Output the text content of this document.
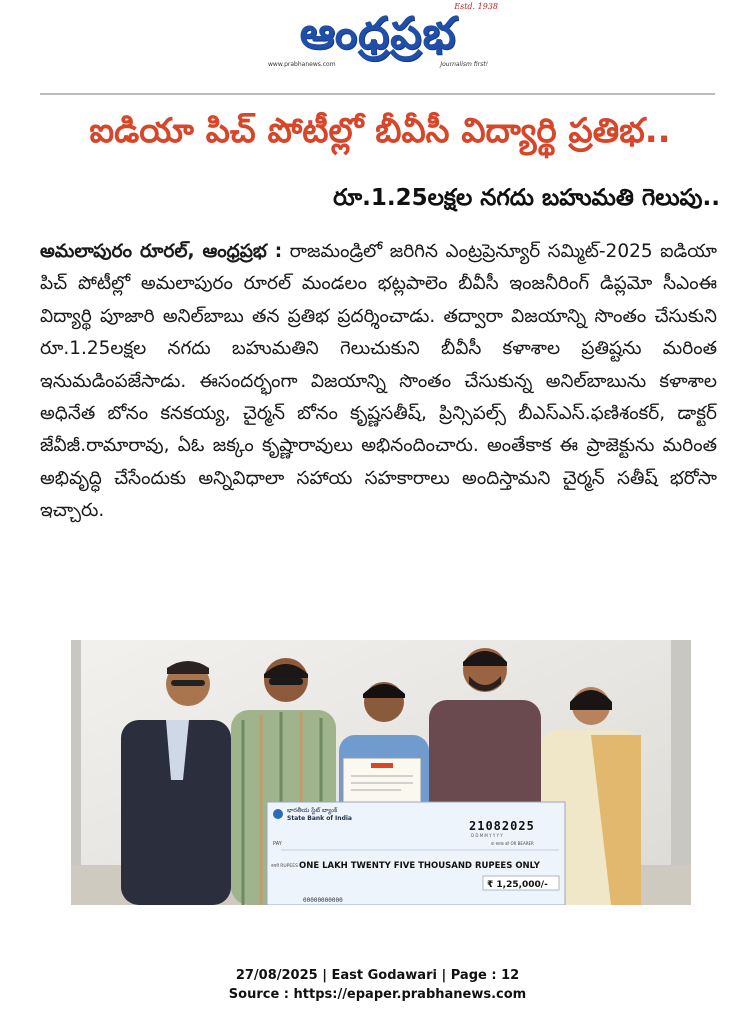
ఆంధ్రప్రభ
Estd. 1938
www.prabhanews.com	Journalism first!
ఐడియా పిచ్ పోటీల్లో బీవీసీ విద్యార్థి ప్రతిభ..
రూ.1.25లక్షల నగదు బహుమతి గెలుపు..
అమలాపురం రూరల్, ఆంధ్రప్రభ : రాజమండ్రిలో జరిగిన ఎంట్రప్రెన్యూర్ సమ్మిట్-2025 ఐడియా పిచ్ పోటీల్లో అమలాపురం రూరల్ మండలం భట్లపాలెం బీవీసీ ఇంజనీరింగ్ డిప్లమో సీఎంఈ విద్యార్థి పూజారి అనిల్‌బాబు తన ప్రతిభ ప్రదర్శించాడు. తద్వారా విజయాన్ని సొంతం చేసుకుని రూ.1.25లక్షల నగదు బహుమతిని గెలుచుకుని బీవీసీ కళాశాల ప్రతిష్టను మరింత ఇనుమడింపజేసాడు. ఈసందర్భంగా విజయాన్ని సొంతం చేసుకున్న అనిల్‌బాబును కళాశాల అధినేత బోనం కనకయ్య, చైర్మన్ బోనం కృష్ణసతీష్, ప్రిన్సిపల్స్ బీఎస్ఎస్.ఫణిశంకర్, డాక్టర్ జేవీజీ.రామారావు, ఏఓ జక్కం కృష్ణారావులు అభినందించారు. అంతేకాక ఈ ప్రాజెక్టును మరింత అభివృద్ధి చేసేందుకు అన్నివిధాలా సహాయ సహకారాలు అందిస్తామని చైర్మన్ సతీష్ భరోసా ఇచ్చారు.
భారతీయ స్టేట్ బ్యాంక్
State Bank of India
21082025
D D M M Y Y Y Y
PAY	या धारक को OR BEARER
रुपये RUPEES ONE LAKH TWENTY FIVE THOUSAND RUPEES ONLY
₹ 1,25,000/-
00000000000
27/08/2025 | East Godawari | Page : 12
Source : https://epaper.prabhanews.com
